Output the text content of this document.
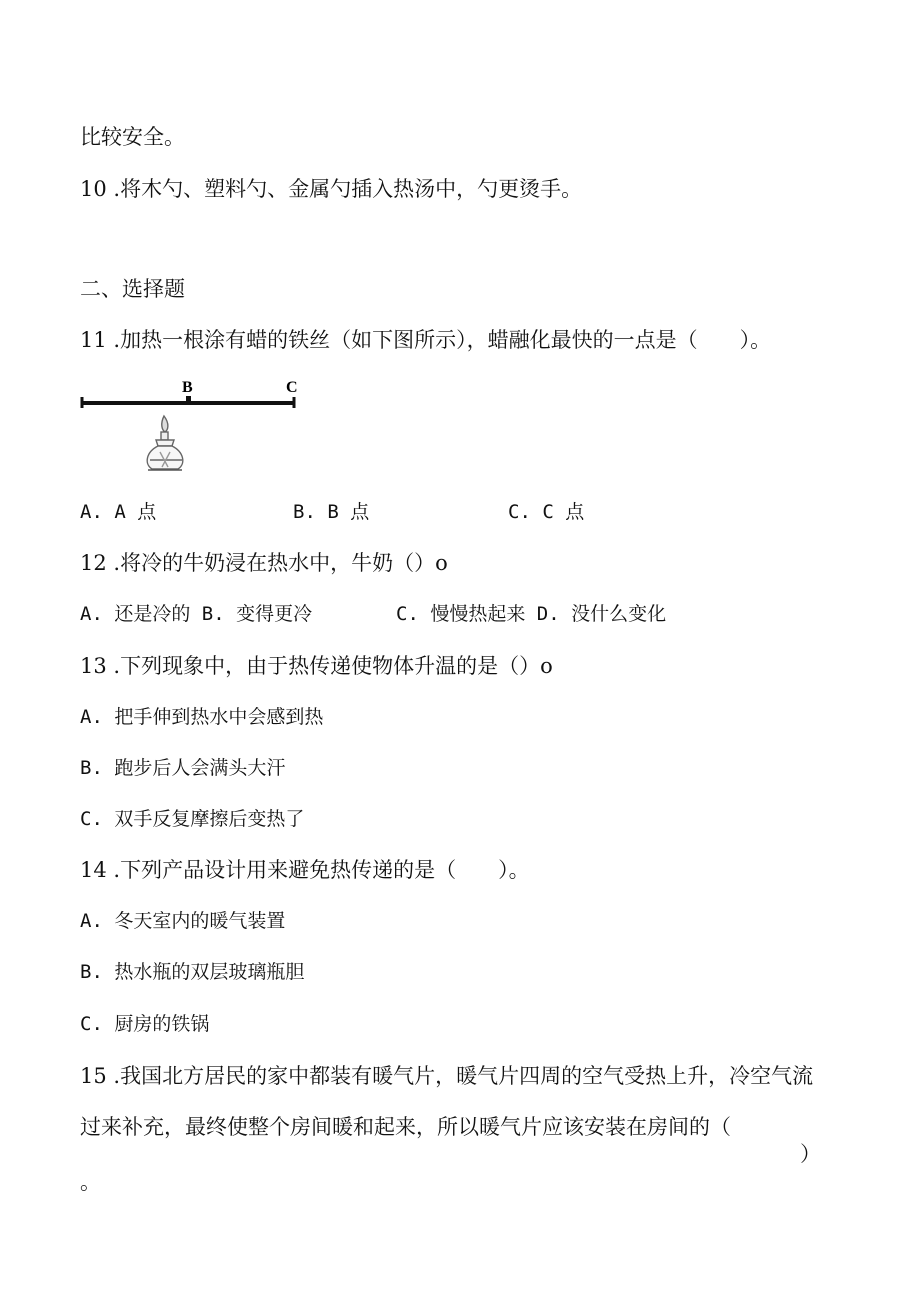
比较安全。
10 .将木勺、塑料勺、金属勺插入热汤中，勺更烫手。
二、选择题
11 .加热一根涂有蜡的铁丝（如下图所示），蜡融化最快的一点是（　　）。
B	C
A. A 点	B. B 点	C. C 点
12 .将冷的牛奶浸在热水中，牛奶（）o
A. 还是冷的 B. 变得更冷	C. 慢慢热起来 D. 没什么变化
13 .下列现象中，由于热传递使物体升温的是（）o
A. 把手伸到热水中会感到热
B. 跑步后人会满头大汗
C. 双手反复摩擦后变热了
14 .下列产品设计用来避免热传递的是（　　）。
A. 冬天室内的暖气装置
B. 热水瓶的双层玻璃瓶胆
C. 厨房的铁锅
15 .我国北方居民的家中都装有暖气片，暖气片四周的空气受热上升，冷空气流
过来补充，最终使整个房间暖和起来，所以暖气片应该安装在房间的（
）
。
